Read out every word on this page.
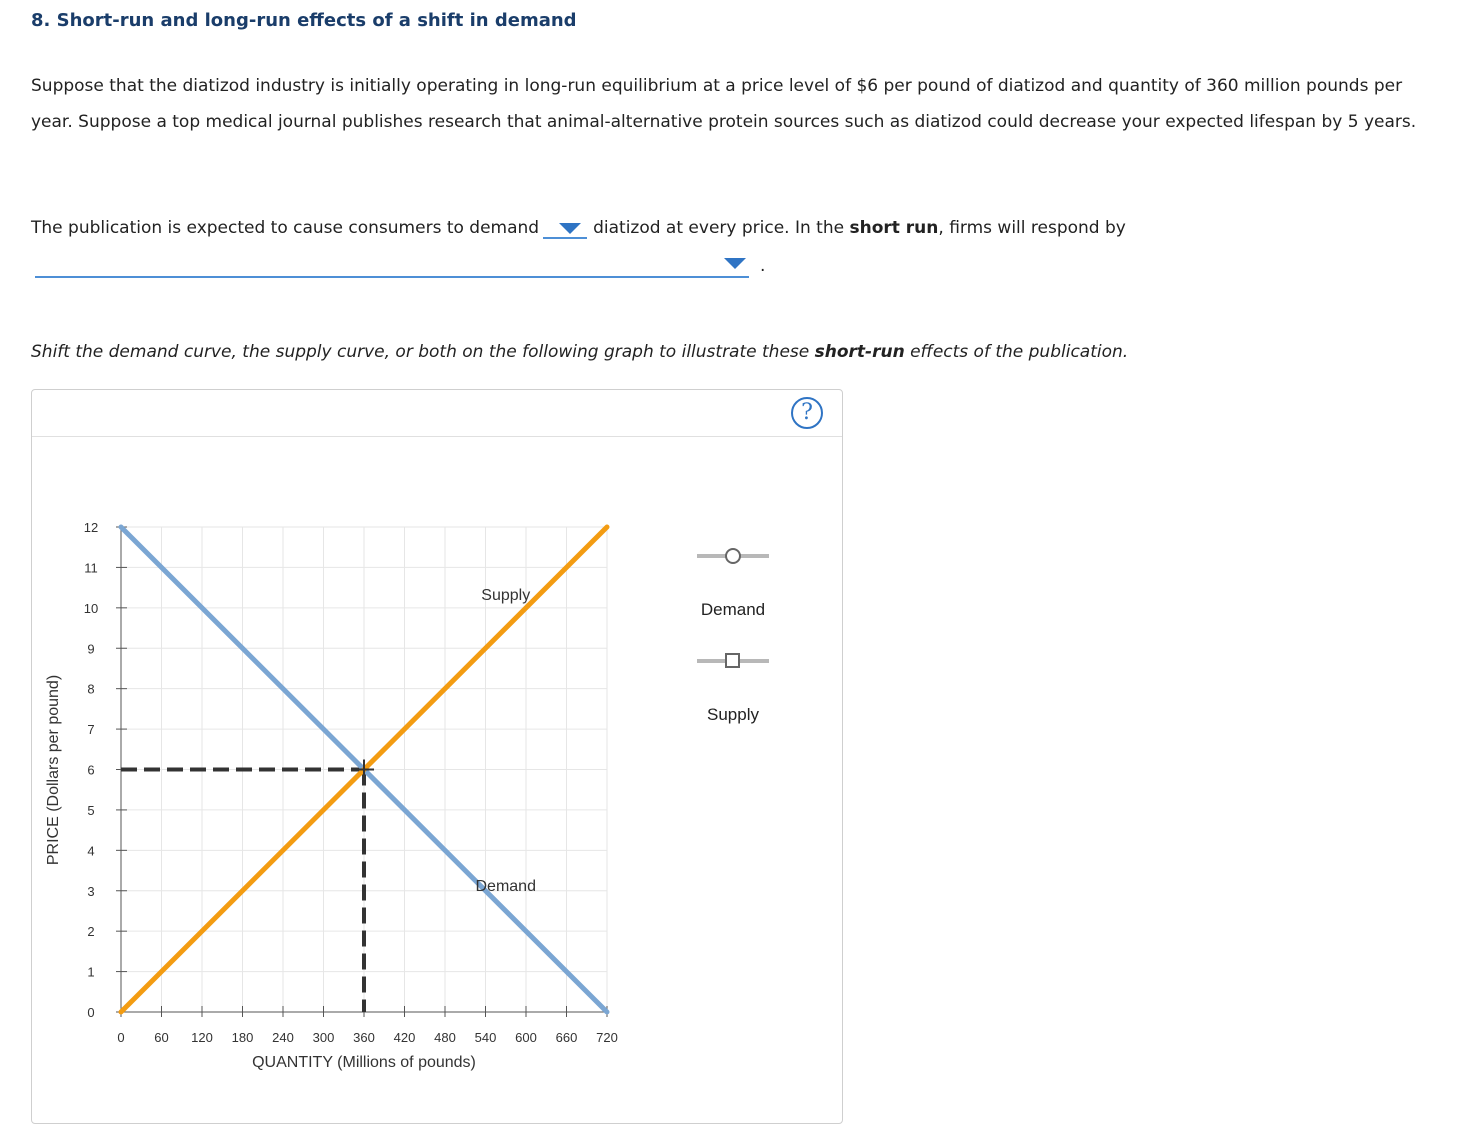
8. Short-run and long-run effects of a shift in demand
Suppose that the diatizod industry is initially operating in long-run equilibrium at a price level of $6 per pound of diatizod and quantity of 360 million pounds per year. Suppose a top medical journal publishes research that animal-alternative protein sources such as diatizod could decrease your expected lifespan by 5 years.
The publication is expected to cause consumers to demand	diatizod at every price. In the short run, firms will respond by
.
Shift the demand curve, the supply curve, or both on the following graph to illustrate these short-run effects of the publication.
?
0
1
2
3
4
5
6
7
8
9
10
11
12
0 60 120 180 240 300 360 420 480 540 600 660 720
Demand
Supply
QUANTITY (Millions of pounds)
PRICE (Dollars per pound)
Demand
Supply
